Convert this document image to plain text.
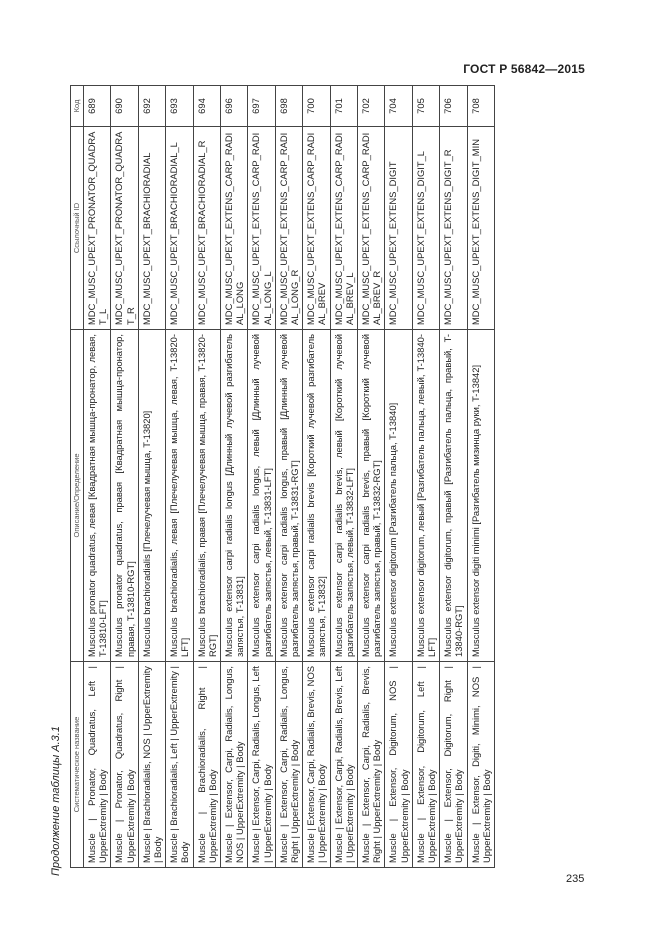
ГОСТ Р 56842—2015
Продолжение таблицы А.3.1 Систематическое название	Описание/Определение	Ссылочный ID	Код
Muscle | Pronator, Quadratus, Left | UpperExtremity | Body	Musculus pronator quadratus, левая [Квадратная мышца-пронатор, левая, T-13810-LFT]	MDC_MUSC_UPEXT_PRONATOR_QUADRAT_L	689
Muscle | Pronator, Quadratus, Right | UpperExtremity | Body	Musculus pronator quadratus, правая [Квадратная мышца-пронатор, правая, T-13810-RGT]	MDC_MUSC_UPEXT_PRONATOR_QUADRAT_R	690
Muscle | Brachioradialis, NOS | UpperExtremity | Body	Musculus brachioradialis [Плечелучевая мышца, T-13820]	MDC_MUSC_UPEXT_BRACHIORADIAL	692
Muscle | Brachioradialis, Left | UpperExtremity | Body	Musculus brachioradialis, левая [Плечелучевая мышца, левая, T-13820-LFT]	MDC_MUSC_UPEXT_BRACHIORADIAL_L	693
Muscle | Brachioradialis, Right | UpperExtremity | Body	Musculus brachioradialis, правая [Плечелучевая мышца, правая, T-13820-RGT]	MDC_MUSC_UPEXT_BRACHIORADIAL_R	694
Muscle | Extensor, Carpi, Radialis, Longus, NOS | UpperExtremity | Body	Musculus extensor carpi radialis longus [Длинный лучевой разгибатель запястья, T-13831]	MDC_MUSC_UPEXT_EXTENS_CARP_RADIAL_LONG	696
Muscle | Extensor, Carpi, Radialis, Longus, Left | UpperExtremity | Body	Musculus extensor carpi radialis longus, левый [Длинный лучевой разгибатель запястья, левый, T-13831-LFT]	MDC_MUSC_UPEXT_EXTENS_CARP_RADIAL_LONG_L	697
Muscle | Extensor, Carpi, Radialis, Longus, Right | UpperExtremity | Body	Musculus extensor carpi radialis longus, правый [Длинный лучевой разгибатель запястья, правый, T-13831-RGT]	MDC_MUSC_UPEXT_EXTENS_CARP_RADIAL_LONG_R	698
Muscle | Extensor, Carpi, Radialis, Brevis, NOS | UpperExtremity | Body	Musculus extensor carpi radialis brevis [Короткий лучевой разгибатель запястья, T-13832]	MDC_MUSC_UPEXT_EXTENS_CARP_RADIAL_BREV	700
Muscle | Extensor, Carpi, Radialis, Brevis, Left | UpperExtremity | Body	Musculus extensor carpi radialis brevis, левый [Короткий лучевой разгибатель запястья, левый, T-13832-LFT]	MDC_MUSC_UPEXT_EXTENS_CARP_RADIAL_BREV_L	701
Muscle | Extensor, Carpi, Radialis, Brevis, Right | UpperExtremity | Body	Musculus extensor carpi radialis brevis, правый [Короткий лучевой разгибатель запястья, правый, T-13832-RGT]	MDC_MUSC_UPEXT_EXTENS_CARP_RADIAL_BREV_R	702
Muscle | Extensor, Digitorum, NOS | UpperExtremity | Body	Musculus extensor digitorum [Разгибатель пальца, T-13840]	MDC_MUSC_UPEXT_EXTENS_DIGIT	704
Muscle | Extensor, Digitorum, Left | UpperExtremity | Body	Musculus extensor digitorum, левый [Разгибатель пальца, левый, T-13840-LFT]	MDC_MUSC_UPEXT_EXTENS_DIGIT_L	705
Muscle | Extensor, Digitorum, Right | UpperExtremity | Body	Musculus extensor digitorum, правый [Разгибатель пальца, правый, T-13840-RGT]	MDC_MUSC_UPEXT_EXTENS_DIGIT_R	706
Muscle | Extensor, Digiti, Minimi, NOS | UpperExtremity | Body	Musculus extensor digiti minimi [Разгибатель мизинца руки, T-13842]	MDC_MUSC_UPEXT_EXTENS_DIGIT_MIN	708
235
